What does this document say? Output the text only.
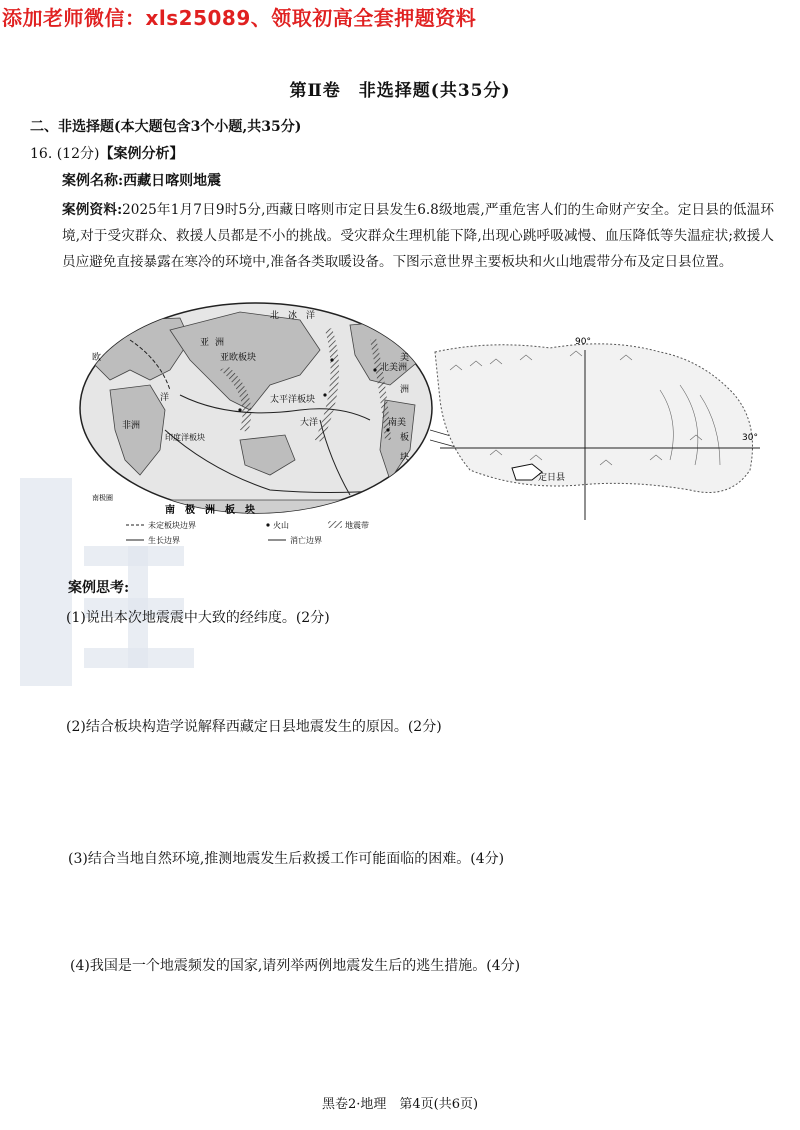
添加老师微信：xls25089、领取初高全套押题资料
第Ⅱ卷　非选择题(共35分)
二、非选择题(本大题包含3个小题,共35分)
16. (12分)【案例分析】
案例名称:西藏日喀则地震
案例资料:2025年1月7日9时5分,西藏日喀则市定日县发生6.8级地震,严重危害人们的生命财产安全。定日县的低温环境,对于受灾群众、救援人员都是不小的挑战。受灾群众生理机能下降,出现心跳呼吸减慢、血压降低等失温症状;救援人员应避免直接暴露在寒冷的环境中,准备各类取暖设备。下图示意世界主要板块和火山地震带分布及定日县位置。
亚欧板块
太平洋板块
印度洋板块
非洲
北美洲
南美
北　冰　洋
南　极　洲　板　块
南极圈
欧
亚 洲
美
洲
大洋
洋
板
块
未定板块边界	火山	地震带
生长边界	消亡边界
90°
30°
定日县
案例思考:
(1)说出本次地震震中大致的经纬度。(2分)
(2)结合板块构造学说解释西藏定日县地震发生的原因。(2分)
(3)结合当地自然环境,推测地震发生后救援工作可能面临的困难。(4分)
(4)我国是一个地震频发的国家,请列举两例地震发生后的逃生措施。(4分)
黑卷2·地理　第4页(共6页)
